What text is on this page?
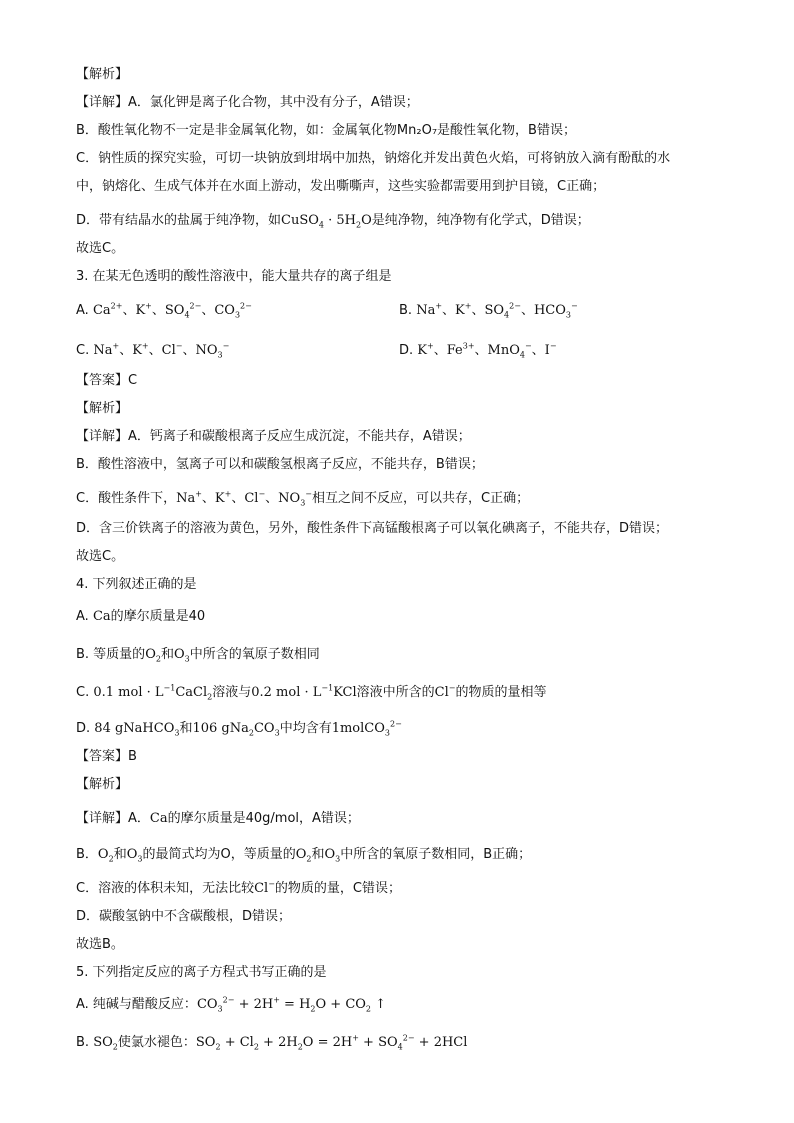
【解析】
【详解】A．氯化钾是离子化合物，其中没有分子，A错误；
B．酸性氧化物不一定是非金属氧化物，如：金属氧化物Mn₂O₇是酸性氧化物，B错误；
C．钠性质的探究实验，可切一块钠放到坩埚中加热，钠熔化并发出黄色火焰，可将钠放入滴有酚酞的水
中，钠熔化、生成气体并在水面上游动，发出嘶嘶声，这些实验都需要用到护目镜，C正确；
D．带有结晶水的盐属于纯净物，如CuSO$_4$ · $5H_2O$是纯净物，纯净物有化学式，D错误；
故选C。
3. 在某无色透明的酸性溶液中，能大量共存的离子组是
A. $Ca^{2+}$、K+、$SO_4^{2-}$、$CO_3^{2-}$	B. Na+、K+、$SO_4^{2-}$、$HCO_3^-$
C. Na+、K+、Cl−、$NO_3^-$	D. K+、$Fe^{3+}$、MnO$_4$−、I−
【答案】C
【解析】
【详解】A．钙离子和碳酸根离子反应生成沉淀，不能共存，A错误；
B．酸性溶液中，氢离子可以和碳酸氢根离子反应，不能共存，B错误；
C．酸性条件下，Na+、K+、Cl−、$NO_3^-$相互之间不反应，可以共存，C正确；
D．含三价铁离子的溶液为黄色，另外，酸性条件下高锰酸根离子可以氧化碘离子，不能共存，D错误；
故选C。
4. 下列叙述正确的是
A. Ca的摩尔质量是40
B. 等质量的$O_2$和$O_3$中所含的氧原子数相同
C. 0.1 mol · $L^{-1}CaCl_2$溶液与0.2 mol · $L^{-1}KCl$溶液中所含的Cl−的物质的量相等
D. 84 gNaHCO$_3$和106 $gNa_2CO_3$中均含有1molCO$_3^{2-}$
【答案】B
【解析】
【详解】A．Ca的摩尔质量是40g/mol，A错误；
B．$O_2$和$O_3$的最简式均为O，等质量的$O_2$和$O_3$中所含的氧原子数相同，B正确；
C．溶液的体积未知，无法比较Cl−的物质的量，C错误；
D．碳酸氢钠中不含碳酸根，D错误；
故选B。
5. 下列指定反应的离子方程式书写正确的是
A. 纯碱与醋酸反应：$CO_3^{2-} + 2H^+ = H_2O + CO_2$ ↑
B. $SO_2$使氯水褪色：$SO_2 + Cl_2 + 2H_2O = 2H^+ + SO_4^{2-} + 2HCl$
